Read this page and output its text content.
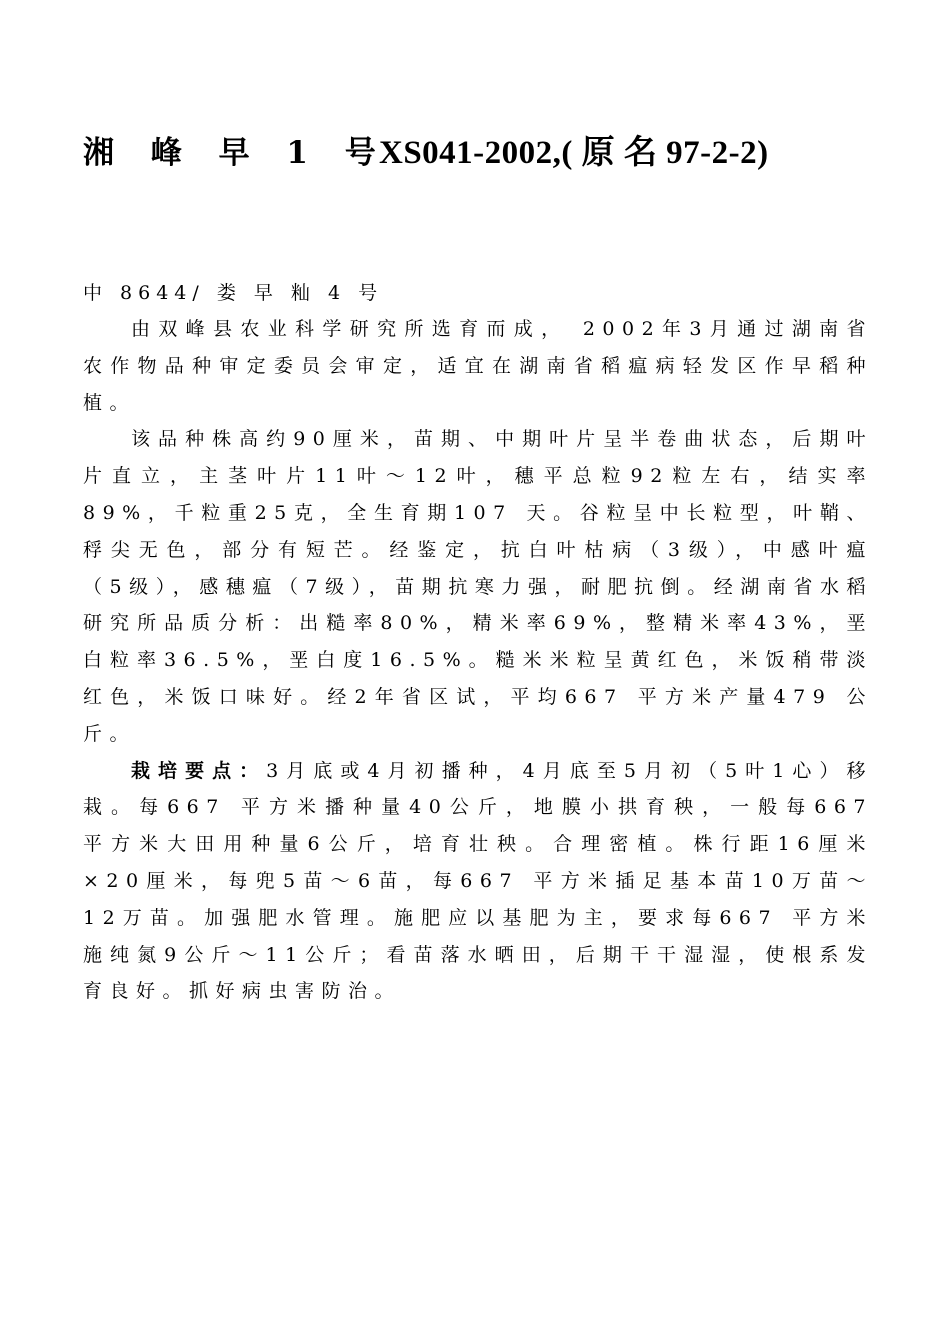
湘 峰 早 1 号
XS041-2002,( 原 名 97-2-2)
中 8644/ 娄 早 籼 4 号

由双峰县农业科学研究所选育而成， 2002年3月通过湖南省农作物品种审定委员会审定，适宜在湖南省稻瘟病轻发区作早稻种植。

该品种株高约90厘米，苗期、中期叶片呈半卷曲状态，后期叶片直立，主茎叶片11叶～12叶，穗平总粒92粒左右，结实率89%，千粒重25克，全生育期107 天。谷粒呈中长粒型，叶鞘、稃尖无色，部分有短芒。经鉴定，抗白叶枯病（3级），中感叶瘟（5级），感穗瘟（7级），苗期抗寒力强，耐肥抗倒。经湖南省水稻研究所品质分析：出糙率80%，精米率69%，整精米率43%，垩白粒率36.5%，垩白度16.5%。糙米米粒呈黄红色，米饭稍带淡红色，米饭口味好。经2年省区试，平均667 平方米产量479 公斤。

栽培要点：3月底或4月初播种，4月底至5月初（5叶1心）移栽。每667 平方米播种量40公斤，地膜小拱育秧，一般每667 平方米大田用种量6公斤，培育壮秧。合理密植。株行距16厘米×20厘米，每兜5苗～6苗，每667 平方米插足基本苗10万苗～12万苗。加强肥水管理。施肥应以基肥为主，要求每667 平方米施纯氮9公斤～11公斤；看苗落水晒田，后期干干湿湿，使根系发育良好。抓好病虫害防治。
